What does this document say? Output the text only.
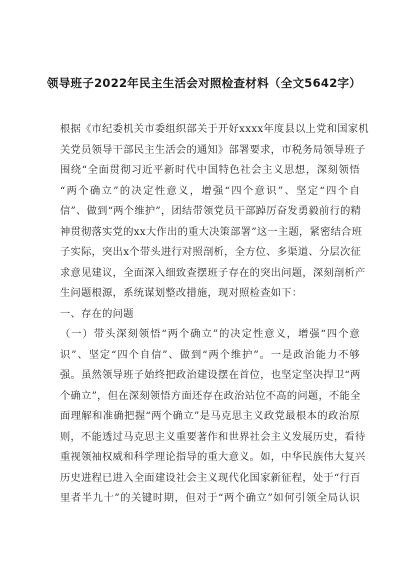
领导班子2022年民主生活会对照检查材料（全文5642字）
根据《市纪委机关市委组织部关于开好xxxx年度县以上党和国家机
关党员领导干部民主生活会的通知》部署要求，市税务局领导班子
围绕“全面贯彻习近平新时代中国特色社会主义思想，深刻领悟
“两个确立”的决定性意义，增强“四个意识”、坚定“四个自
信”、做到“两个维护”，团结带领党员干部踔厉奋发勇毅前行的精
神贯彻落实党的xx大作出的重大决策部署”这一主题，紧密结合班
子实际，突出x个带头进行对照剖析，全方位、多渠道、分层次征
求意见建议，全面深入细致查摆班子存在的突出问题，深刻剖析产
生问题根源，系统谋划整改措施，现对照检查如下：
一、存在的问题
（一）带头深刻领悟“两个确立”的决定性意义，增强“四个意
识”、坚定“四个自信”、做到“两个维护”。一是政治能力不够
强。虽然领导班子始终把政治建设摆在首位，也坚定坚决捍卫“两
个确立”，但在深刻领悟方面还存在政治站位不高的问题，不能全
面理解和准确把握“两个确立”是马克思主义政党最根本的政治原
则，不能透过马克思主义重要著作和世界社会主义发展历史，看待
重视领袖权威和科学理论指导的重大意义。如，中华民族伟大复兴
历史进程已进入全面建设社会主义现代化国家新征程，处于“行百
里者半九十”的关键时期，但对于“两个确立”如何引领全局认识
